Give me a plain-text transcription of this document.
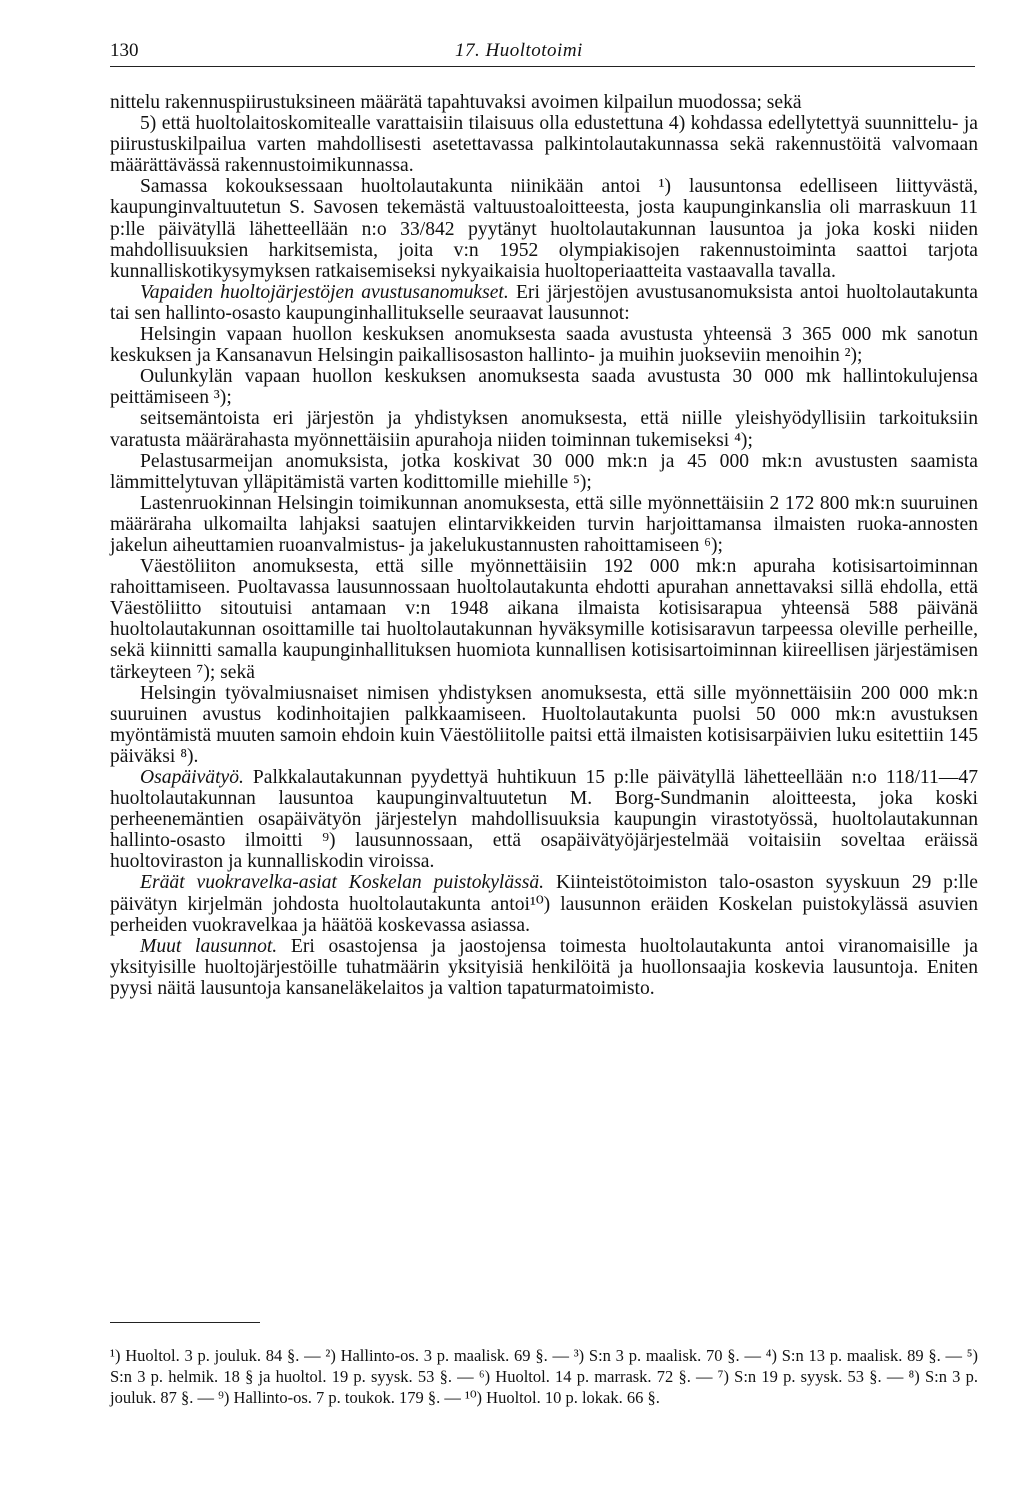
130	17. Huoltotoimi

nittelu rakennuspiirustuksineen määrätä tapahtuvaksi avoimen kilpailun muodossa; sekä

5) että huoltolaitoskomitealle varattaisiin tilaisuus olla edustettuna 4) kohdassa edellytettyä suunnittelu- ja piirustuskilpailua varten mahdollisesti asetettavassa palkintolautakunnassa sekä rakennustöitä valvomaan määrättävässä rakennustoimikunnassa.

Samassa kokouksessaan huoltolautakunta niinikään antoi ¹) lausuntonsa edelliseen liittyvästä, kaupunginvaltuutetun S. Savosen tekemästä valtuustoaloitteesta, josta kaupunginkanslia oli marraskuun 11 p:lle päivätyllä lähetteellään n:o 33/842 pyytänyt huoltolautakunnan lausuntoa ja joka koski niiden mahdollisuuksien harkitsemista, joita v:n 1952 olympiakisojen rakennustoiminta saattoi tarjota kunnalliskotikysymyksen ratkaisemiseksi nykyaikaisia huoltoperiaatteita vastaavalla tavalla.

Vapaiden huoltojärjestöjen avustusanomukset. Eri järjestöjen avustusanomuksista antoi huoltolautakunta tai sen hallinto-osasto kaupunginhallitukselle seuraavat lausunnot:

Helsingin vapaan huollon keskuksen anomuksesta saada avustusta yhteensä 3 365 000 mk sanotun keskuksen ja Kansanavun Helsingin paikallisosaston hallinto- ja muihin juokseviin menoihin ²);

Oulunkylän vapaan huollon keskuksen anomuksesta saada avustusta 30 000 mk hallintokulujensa peittämiseen ³);

seitsemäntoista eri järjestön ja yhdistyksen anomuksesta, että niille yleishyödyllisiin tarkoituksiin varatusta määrärahasta myönnettäisiin apurahoja niiden toiminnan tukemiseksi ⁴);

Pelastusarmeijan anomuksista, jotka koskivat 30 000 mk:n ja 45 000 mk:n avustusten saamista lämmittelytuvan ylläpitämistä varten kodittomille miehille ⁵);

Lastenruokinnan Helsingin toimikunnan anomuksesta, että sille myönnettäisiin 2 172 800 mk:n suuruinen määräraha ulkomailta lahjaksi saatujen elintarvikkeiden turvin harjoittamansa ilmaisten ruoka-annosten jakelun aiheuttamien ruoanvalmistus- ja jakelukustannusten rahoittamiseen ⁶);

Väestöliiton anomuksesta, että sille myönnettäisiin 192 000 mk:n apuraha kotisisartoiminnan rahoittamiseen. Puoltavassa lausunnossaan huoltolautakunta ehdotti apurahan annettavaksi sillä ehdolla, että Väestöliitto sitoutuisi antamaan v:n 1948 aikana ilmaista kotisisarapua yhteensä 588 päivänä huoltolautakunnan osoittamille tai huoltolautakunnan hyväksymille kotisisaravun tarpeessa oleville perheille, sekä kiinnitti samalla kaupunginhallituksen huomiota kunnallisen kotisisartoiminnan kiireellisen järjestämisen tärkeyteen ⁷); sekä

Helsingin työvalmiusnaiset nimisen yhdistyksen anomuksesta, että sille myönnettäisiin 200 000 mk:n suuruinen avustus kodinhoitajien palkkaamiseen. Huoltolautakunta puolsi 50 000 mk:n avustuksen myöntämistä muuten samoin ehdoin kuin Väestöliitolle paitsi että ilmaisten kotisisarpäivien luku esitettiin 145 päiväksi ⁸).

Osapäivätyö. Palkkalautakunnan pyydettyä huhtikuun 15 p:lle päivätyllä lähetteellään n:o 118/11—47 huoltolautakunnan lausuntoa kaupunginvaltuutetun M. Borg-Sundmanin aloitteesta, joka koski perheenemäntien osapäivätyön järjestelyn mahdollisuuksia kaupungin virastotyössä, huoltolautakunnan hallinto-osasto ilmoitti ⁹) lausunnossaan, että osapäivätyöjärjestelmää voitaisiin soveltaa eräissä huoltoviraston ja kunnalliskodin viroissa.

Eräät vuokravelka-asiat Koskelan puistokylässä. Kiinteistötoimiston talo-osaston syyskuun 29 p:lle päivätyn kirjelmän johdosta huoltolautakunta antoi¹⁰) lausunnon eräiden Koskelan puistokylässä asuvien perheiden vuokravelkaa ja häätöä koskevassa asiassa.

Muut lausunnot. Eri osastojensa ja jaostojensa toimesta huoltolautakunta antoi viranomaisille ja yksityisille huoltojärjestöille tuhatmäärin yksityisiä henkilöitä ja huollonsaajia koskevia lausuntoja. Eniten pyysi näitä lausuntoja kansaneläkelaitos ja valtion tapaturmatoimisto.

¹) Huoltol. 3 p. jouluk. 84 §. — ²) Hallinto-os. 3 p. maalisk. 69 §. — ³) S:n 3 p. maalisk. 70 §. — ⁴) S:n 13 p. maalisk. 89 §. — ⁵) S:n 3 p. helmik. 18 § ja huoltol. 19 p. syysk. 53 §. — ⁶) Huoltol. 14 p. marrask. 72 §. — ⁷) S:n 19 p. syysk. 53 §. — ⁸) S:n 3 p. jouluk. 87 §. — ⁹) Hallinto-os. 7 p. toukok. 179 §. — ¹⁰) Huoltol. 10 p. lokak. 66 §.
